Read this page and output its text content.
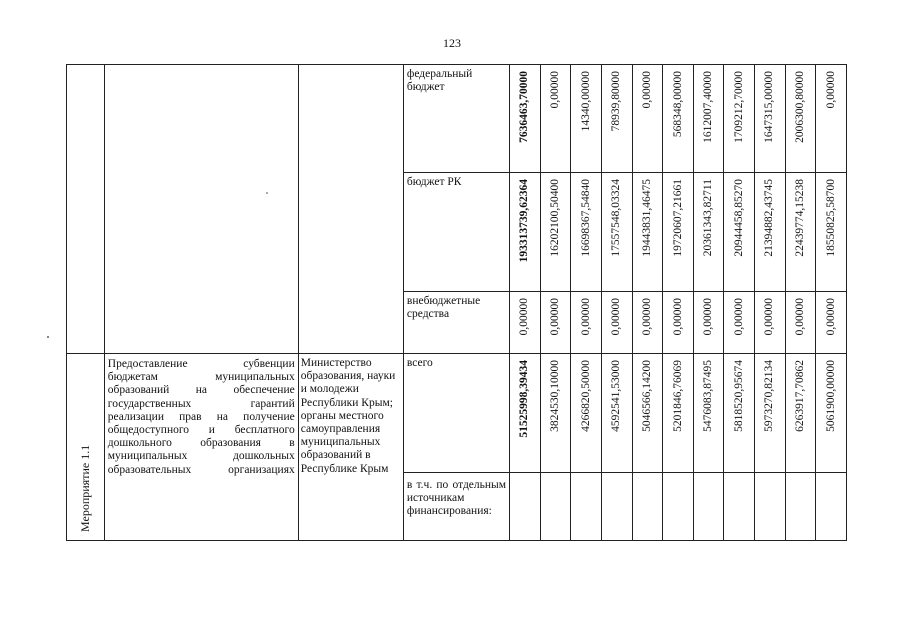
123

			федеральный бюджет	7636463,70000	0,00000	14340,00000	78939,80000	0,00000	568348,00000	1612007,40000	1709212,70000	1647315,00000	2006300,80000	0,00000

			бюджет РК	193313739,62364	16202100,50400	16698367,54840	17557548,03324	19443831,46475	19720607,21661	20361343,82711	20944458,85270	21394882,43745	22439774,15238	18550825,58700

			внебюджетные средства	0,00000	0,00000	0,00000	0,00000	0,00000	0,00000	0,00000	0,00000	0,00000	0,00000	0,00000

Мероприятие 1.1	Предоставление субвенции бюджетам муниципальных образований на обеспечение государственных гарантий реализации прав на получение общедоступного и бесплатного дошкольного образования в муниципальных дошкольных образовательных организациях	Министерство образования, науки и молодежи Республики Крым; органы местного самоуправления муниципальных образований в Республике Крым	всего	51525998,39434	3824530,10000	4266820,50000	4592541,53000	5046566,14200	5201846,76069	5476083,87495	5818520,95674	5973270,82134	6263917,70862	5061900,00000

			в т.ч. по отдельным источникам финансирования:											
